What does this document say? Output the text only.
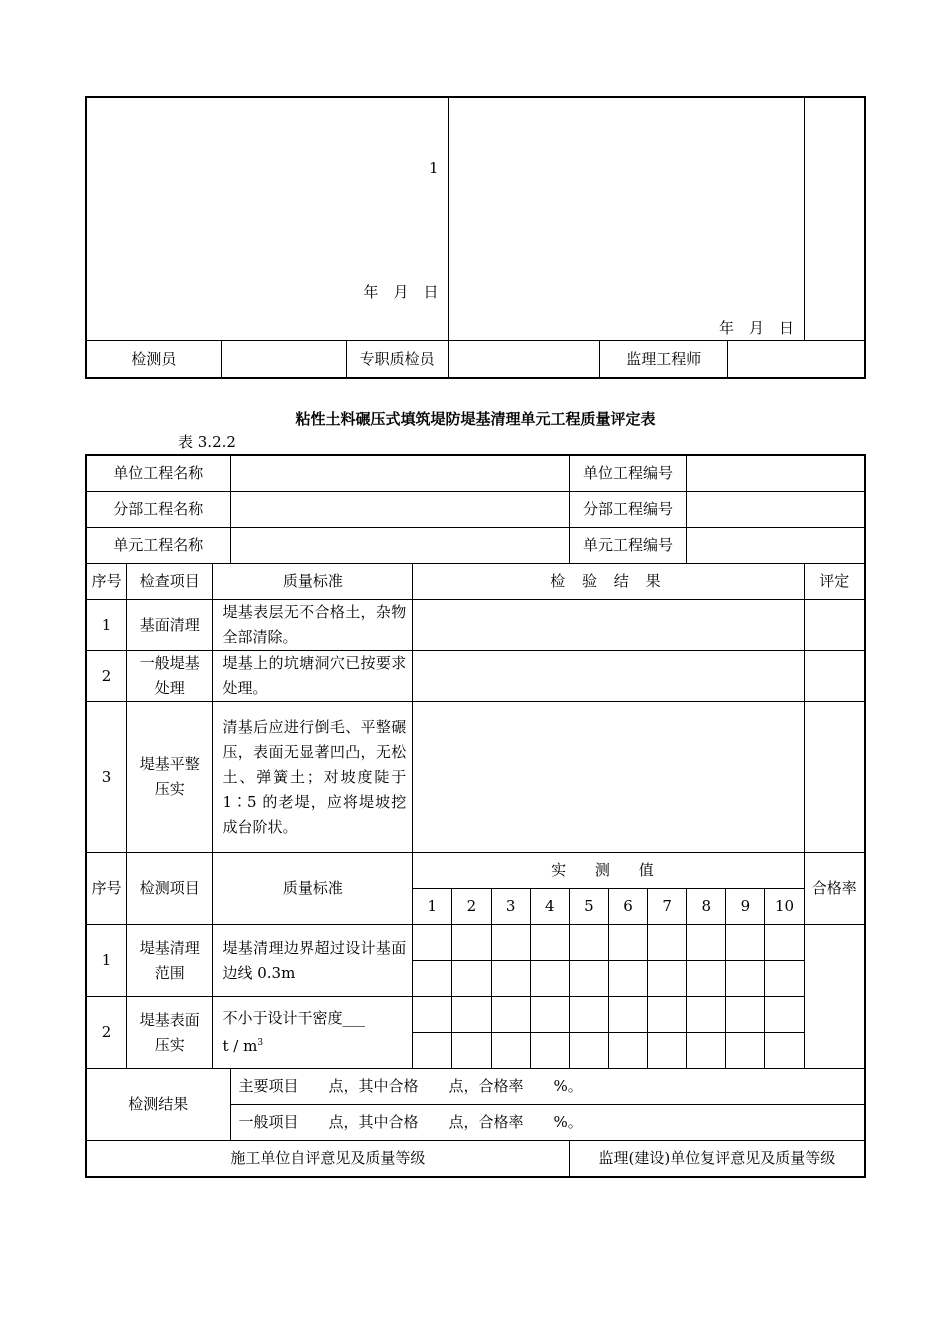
1
年　月　日			年　月　日			

检测员		专职质检员		监理工程师		
粘性土料碾压式填筑堤防堤基清理单元工程质量评定表
表 3.2.2
单位工程名称								单位工程编号						
分部工程名称								分部工程编号						
单元工程名称								单元工程编号						
序号	检查项目	质量标准		检 验 结 果										评定
1	基面清理	堤基表层无不合格土，杂物全部清除。												
2	一般堤基处理	堤基上的坑塘洞穴已按要求处理。												
3	堤基平整压实	清基后应进行倒毛、平整碾压，表面无显著凹凸，无松土、弹簧土；对坡度陡于 1∶5 的老堤，应将堤坡挖成台阶状。												
序号	检测项目	质量标准		实 测 值										合格率
				1	2	3	4	5	6	7	8	9	10	
1	堤基清理范围	堤基清理边界超过设计基面边线 0.3m												

2	堤基表面压实	不小于设计干密度___
t / $m^3$

检测结果			主要项目　　点，其中合格　　点，合格率　　%。											
			一般项目　　点，其中合格　　点，合格率　　%。											
施工单位自评意见及质量等级								监理(建设)单位复评意见及质量等级						
